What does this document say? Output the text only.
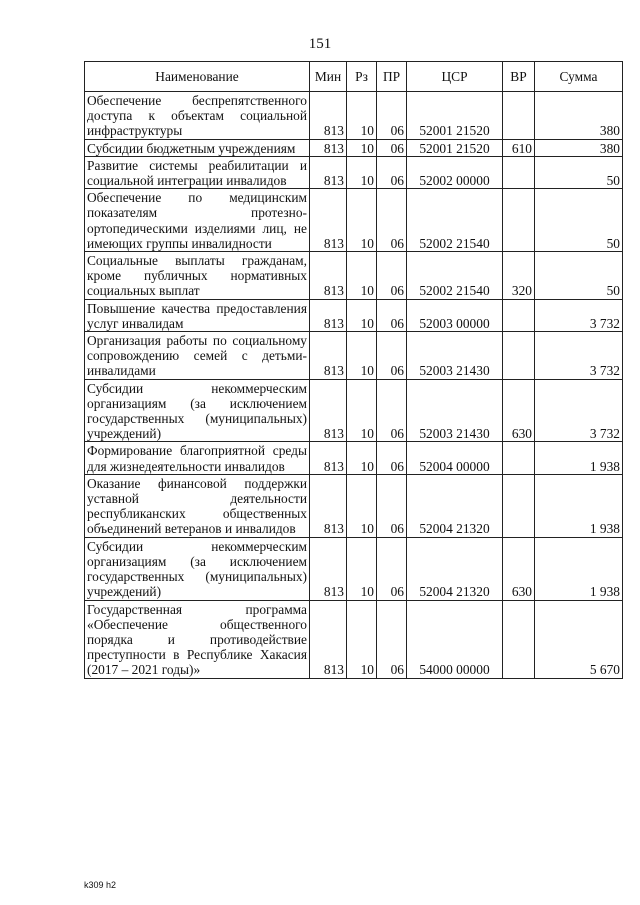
151
Наименование	Мин	Рз	ПР	ЦСР	ВР	Сумма
Обеспечение беспрепятственного доступа к объектам социальной инфраструктуры	813	10	06	52001 21520		380
Субсидии бюджетным учреждениям	813	10	06	52001 21520	610	380
Развитие системы реабилитации и социальной интеграции инвалидов	813	10	06	52002 00000		50
Обеспечение по медицинским показателям протезно-ортопедическими изделиями лиц, не имеющих группы инвалидности	813	10	06	52002 21540		50
Социальные выплаты гражданам, кроме публичных нормативных социальных выплат	813	10	06	52002 21540	320	50
Повышение качества предоставления услуг инвалидам	813	10	06	52003 00000		3 732
Организация работы по социальному сопровождению семей с детьми-инвалидами	813	10	06	52003 21430		3 732
Субсидии некоммерческим организациям (за исключением государственных (муниципальных) учреждений)	813	10	06	52003 21430	630	3 732
Формирование благоприятной среды для жизнедеятельности инвалидов	813	10	06	52004 00000		1 938
Оказание финансовой поддержки уставной деятельности республиканских общественных объединений ветеранов и инвалидов	813	10	06	52004 21320		1 938
Субсидии некоммерческим организациям (за исключением государственных (муниципальных) учреждений)	813	10	06	52004 21320	630	1 938
Государственная программа «Обеспечение общественного порядка и противодействие преступности в Республике Хакасия (2017 – 2021 годы)»	813	10	06	54000 00000		5 670
k309 h2
